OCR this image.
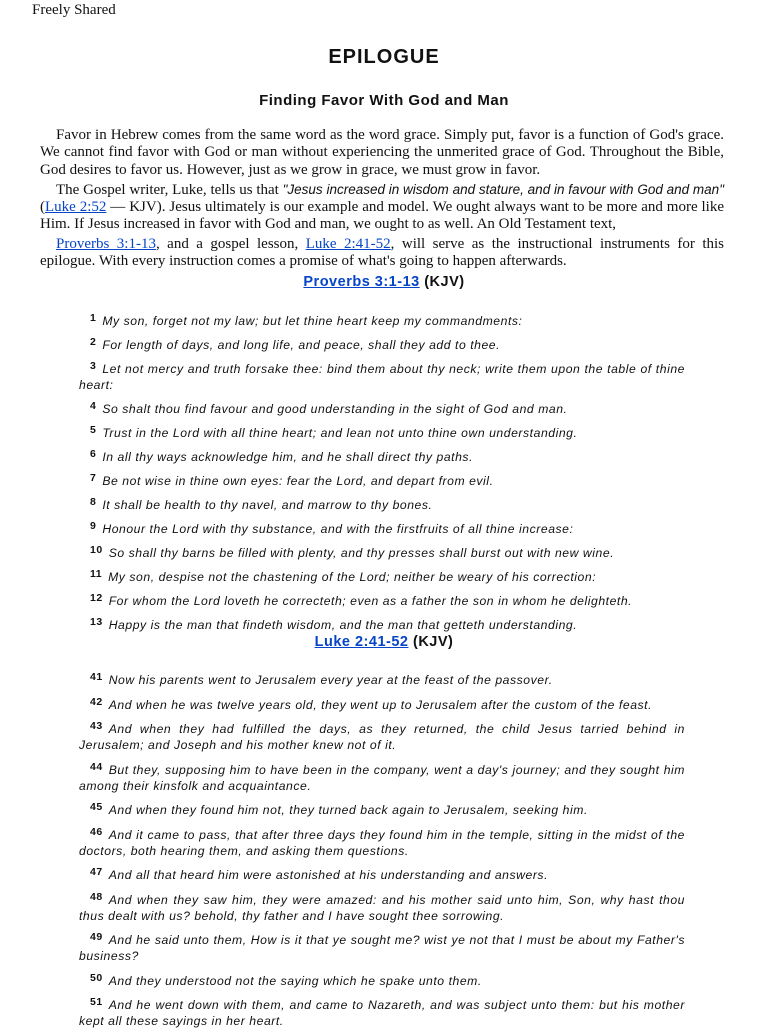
Freely Shared
EPILOGUE
Finding Favor With God and Man

Favor in Hebrew comes from the same word as the word grace. Simply put, favor is a function of God's grace. We cannot find favor with God or man without experiencing the unmerited grace of God. Throughout the Bible, God desires to favor us. However, just as we grow in grace, we must grow in favor.

The Gospel writer, Luke, tells us that "Jesus increased in wisdom and stature, and in favour with God and man" (Luke 2:52 — KJV). Jesus ultimately is our example and model. We ought always want to be more and more like Him. If Jesus increased in favor with God and man, we ought to as well. An Old Testament text,

Proverbs 3:1-13, and a gospel lesson, Luke 2:41-52, will serve as the instructional instruments for this epilogue. With every instruction comes a promise of what's going to happen afterwards.

Proverbs 3:1-13 (KJV)

1 My son, forget not my law; but let thine heart keep my commandments:

2 For length of days, and long life, and peace, shall they add to thee.

3 Let not mercy and truth forsake thee: bind them about thy neck; write them upon the table of thine heart:

4 So shalt thou find favour and good understanding in the sight of God and man.

5 Trust in the Lord with all thine heart; and lean not unto thine own understanding.

6 In all thy ways acknowledge him, and he shall direct thy paths.

7 Be not wise in thine own eyes: fear the Lord, and depart from evil.

8 It shall be health to thy navel, and marrow to thy bones.

9 Honour the Lord with thy substance, and with the firstfruits of all thine increase:

10 So shall thy barns be filled with plenty, and thy presses shall burst out with new wine.

11 My son, despise not the chastening of the Lord; neither be weary of his correction:

12 For whom the Lord loveth he correcteth; even as a father the son in whom he delighteth.

13 Happy is the man that findeth wisdom, and the man that getteth understanding.

Luke 2:41-52 (KJV)

41 Now his parents went to Jerusalem every year at the feast of the passover.

42 And when he was twelve years old, they went up to Jerusalem after the custom of the feast.

43 And when they had fulfilled the days, as they returned, the child Jesus tarried behind in Jerusalem; and Joseph and his mother knew not of it.

44 But they, supposing him to have been in the company, went a day's journey; and they sought him among their kinsfolk and acquaintance.

45 And when they found him not, they turned back again to Jerusalem, seeking him.

46 And it came to pass, that after three days they found him in the temple, sitting in the midst of the doctors, both hearing them, and asking them questions.

47 And all that heard him were astonished at his understanding and answers.

48 And when they saw him, they were amazed: and his mother said unto him, Son, why hast thou thus dealt with us? behold, thy father and I have sought thee sorrowing.

49 And he said unto them, How is it that ye sought me? wist ye not that I must be about my Father's business?

50 And they understood not the saying which he spake unto them.

51 And he went down with them, and came to Nazareth, and was subject unto them: but his mother kept all these sayings in her heart.
